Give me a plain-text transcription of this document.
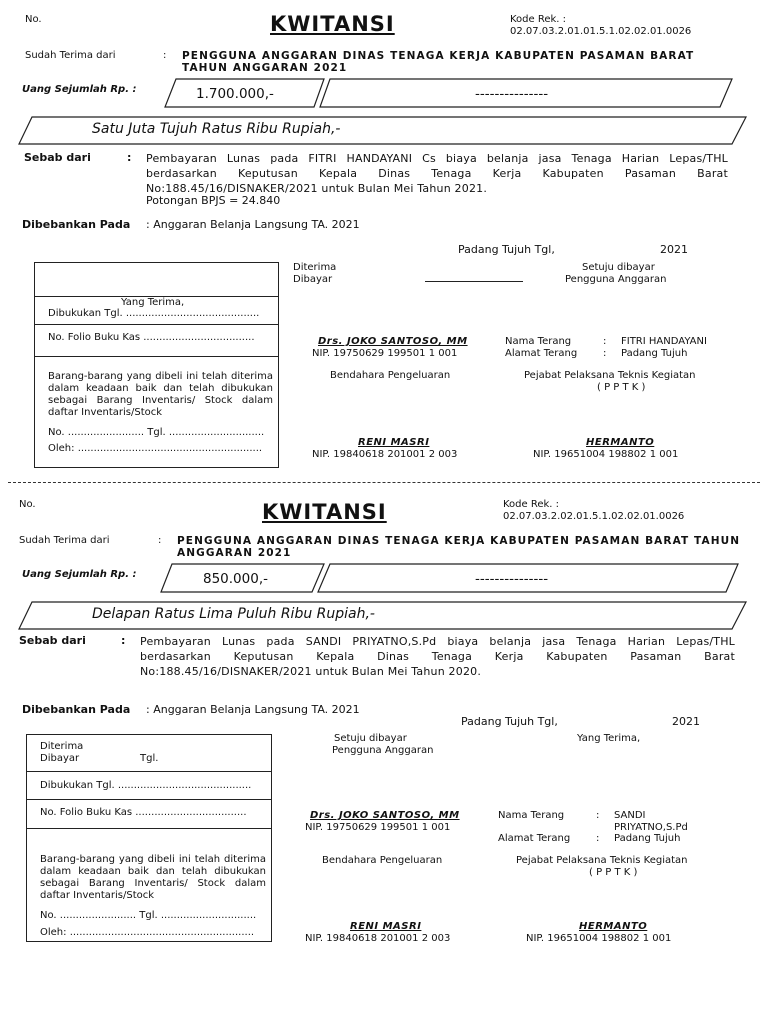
No.	KWITANSI	Kode Rek. :
02.07.03.2.01.01.5.1.02.02.01.0026
Sudah Terima dari	: PENGGUNA ANGGARAN DINAS TENAGA KERJA KABUPATEN PASAMAN BARAT TAHUN ANGGARAN 2021
Uang Sejumlah Rp. :	1.700.000,-	---------------
Satu Juta Tujuh Ratus Ribu Rupiah,-
Sebab dari	: Pembayaran Lunas pada FITRI HANDAYANI Cs biaya belanja jasa Tenaga Harian Lepas/THL berdasarkan Keputusan Kepala Dinas Tenaga Kerja Kabupaten Pasaman Barat No:188.45/16/DISNAKER/2021 untuk Bulan Mei Tahun 2021.
Potongan BPJS = 24.840
Dibebankan Pada : Anggaran Belanja Langsung TA. 2021
Padang Tujuh Tgl,	2021
Yang Terima,
Dibukukan Tgl. ..........................................
No. Folio Buku Kas ...................................
Barang-barang yang dibeli ini telah diterima dalam keadaan baik dan telah dibukukan sebagai Barang Inventaris/ Stock dalam daftar Inventaris/Stock
No. ........................ Tgl. ..............................
Oleh: ..........................................................
Diterima
Dibayar
Setuju dibayar
Pengguna Anggaran
Drs. JOKO SANTOSO, MM
NIP. 19750629 199501 1 001
Nama Terang	: FITRI HANDAYANI
Alamat Terang	: Padang Tujuh
Bendahara Pengeluaran	Pejabat Pelaksana Teknis Kegiatan
( P P T K )
RENI MASRI
NIP. 19840618 201001 2 003
HERMANTO
NIP. 19651004 198802 1 001
No.	KWITANSI	Kode Rek. :
02.07.03.2.02.01.5.1.02.02.01.0026
Sudah Terima dari	: PENGGUNA ANGGARAN DINAS TENAGA KERJA KABUPATEN PASAMAN BARAT TAHUN ANGGARAN 2021
Uang Sejumlah Rp. :	850.000,-	---------------
Delapan Ratus Lima Puluh Ribu Rupiah,-
Sebab dari	: Pembayaran Lunas pada SANDI PRIYATNO,S.Pd biaya belanja jasa Tenaga Harian Lepas/THL berdasarkan Keputusan Kepala Dinas Tenaga Kerja Kabupaten Pasaman Barat No:188.45/16/DISNAKER/2021 untuk Bulan Mei Tahun 2020.
Dibebankan Pada : Anggaran Belanja Langsung TA. 2021
Padang Tujuh Tgl,	2021
Diterima
Dibayar	Tgl.
Dibukukan Tgl. ..........................................
No. Folio Buku Kas ...................................
Barang-barang yang dibeli ini telah diterima dalam keadaan baik dan telah dibukukan sebagai Barang Inventaris/ Stock dalam daftar Inventaris/Stock
No. ........................ Tgl. ..............................
Oleh: ..........................................................
Setuju dibayar
Pengguna Anggaran
Yang Terima,
Drs. JOKO SANTOSO, MM
NIP. 19750629 199501 1 001
Nama Terang	: SANDI PRIYATNO,S.Pd
Alamat Terang	: Padang Tujuh
Bendahara Pengeluaran	Pejabat Pelaksana Teknis Kegiatan
( P P T K )
RENI MASRI
NIP. 19840618 201001 2 003
HERMANTO
NIP. 19651004 198802 1 001
